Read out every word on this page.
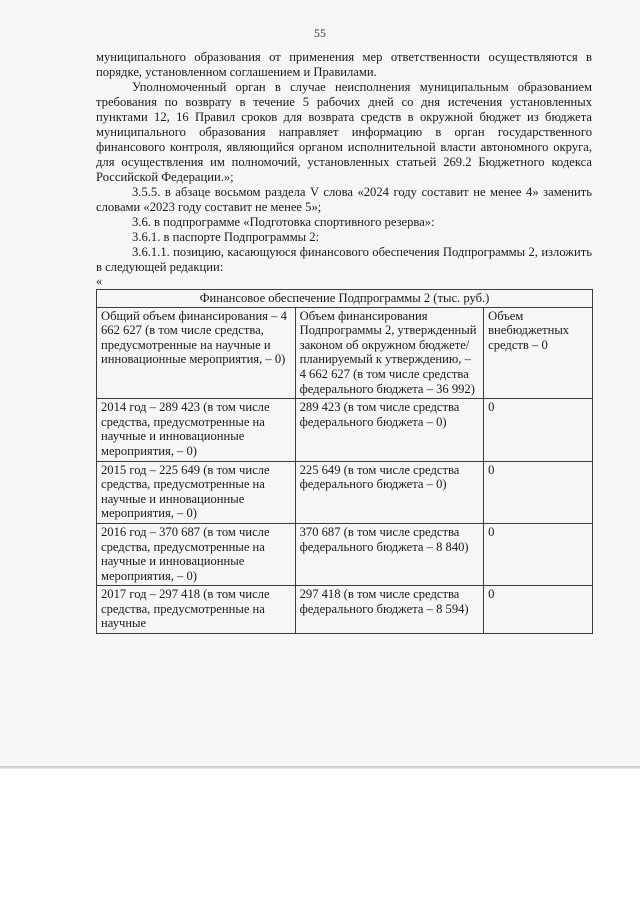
55

муниципального образования от применения мер ответственности осуществляются в порядке, установленном соглашением и Правилами.

Уполномоченный орган в случае неисполнения муниципальным образованием требования по возврату в течение 5 рабочих дней со дня истечения установленных пунктами 12, 16 Правил сроков для возврата средств в окружной бюджет из бюджета муниципального образования направляет информацию в орган государственного финансового контроля, являющийся органом исполнительной власти автономного округа, для осуществления им полномочий, установленных статьей 269.2 Бюджетного кодекса Российской Федерации.»;

3.5.5. в абзаце восьмом раздела V слова «2024 году составит не менее 4» заменить словами «2023 году составит не менее 5»;

3.6. в подпрограмме «Подготовка спортивного резерва»:

3.6.1. в паспорте Подпрограммы 2:

3.6.1.1. позицию, касающуюся финансового обеспечения Подпрограммы 2, изложить в следующей редакции:

«

Финансовое обеспечение Подпрограммы 2 (тыс. руб.)		
Общий объем финансирования – 4 662 627 (в том числе средства, предусмотренные на научные и инновационные мероприятия, – 0)	Объем финансирования Подпрограммы 2, утвержденный законом об окружном бюджете/планируемый к утверждению, – 4 662 627 (в том числе средства федерального бюджета – 36 992)	Объем внебюджетных средств – 0
2014 год – 289 423 (в том числе средства, предусмотренные на научные и инновационные мероприятия, – 0)	289 423 (в том числе средства федерального бюджета – 0)	0
2015 год – 225 649 (в том числе средства, предусмотренные на научные и инновационные мероприятия, – 0)	225 649 (в том числе средства федерального бюджета – 0)	0
2016 год – 370 687 (в том числе средства, предусмотренные на научные и инновационные мероприятия, – 0)	370 687 (в том числе средства федерального бюджета – 8 840)	0
2017 год – 297 418 (в том числе средства, предусмотренные на научные	297 418 (в том числе средства федерального бюджета – 8 594)	0
